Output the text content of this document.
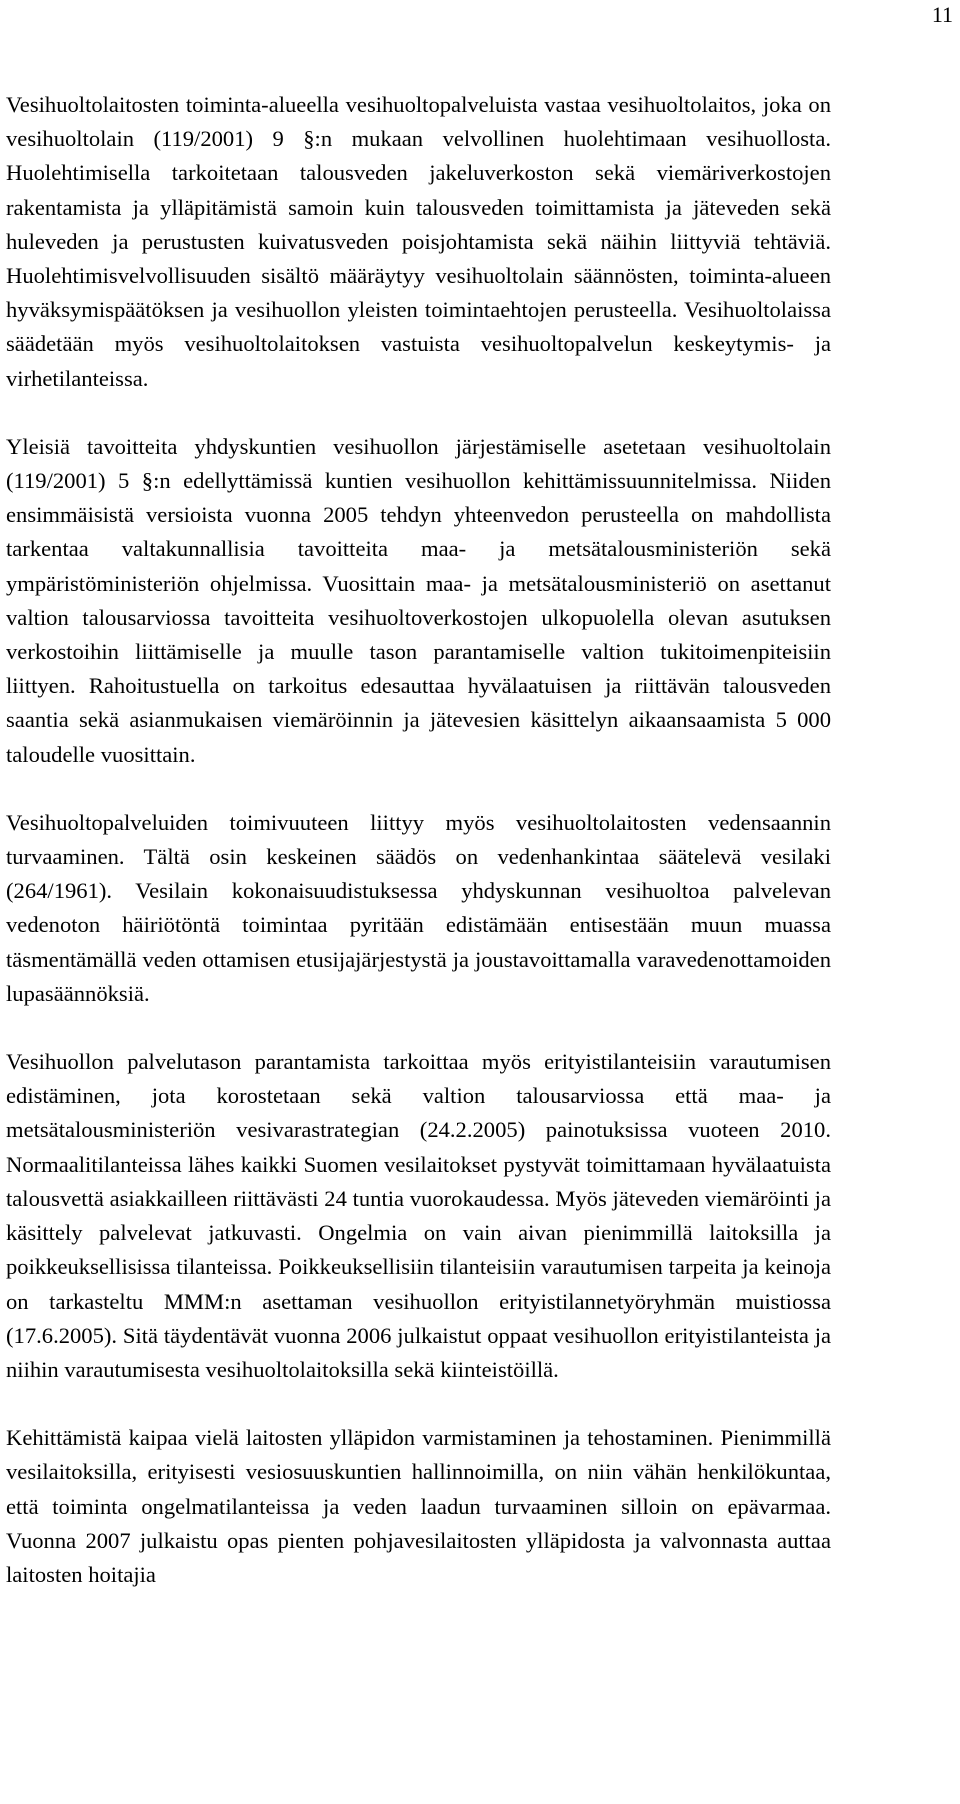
11

Vesihuoltolaitosten toiminta-alueella vesihuoltopalveluista vastaa vesihuoltolaitos, joka on vesihuoltolain (119/2001) 9 §:n mukaan velvollinen huolehtimaan vesihuollosta. Huolehtimisella tarkoitetaan talousveden jakeluverkoston sekä viemäriverkostojen rakentamista ja ylläpitämistä samoin kuin talousveden toimittamista ja jäteveden sekä huleveden ja perustusten kuivatusveden poisjohtamista sekä näihin liittyviä tehtäviä. Huolehtimisvelvollisuuden sisältö määräytyy vesihuoltolain säännösten, toiminta-alueen hyväksymispäätöksen ja vesihuollon yleisten toimintaehtojen perusteella. Vesihuoltolaissa säädetään myös vesihuoltolaitoksen vastuista vesihuoltopalvelun keskeytymis- ja virhetilanteissa.

Yleisiä tavoitteita yhdyskuntien vesihuollon järjestämiselle asetetaan vesihuoltolain (119/2001) 5 §:n edellyttämissä kuntien vesihuollon kehittämissuunnitelmissa. Niiden ensimmäisistä versioista vuonna 2005 tehdyn yhteenvedon perusteella on mahdollista tarkentaa valtakunnallisia tavoitteita maa- ja metsätalousministeriön sekä ympäristöministeriön ohjelmissa. Vuosittain maa- ja metsätalousministeriö on asettanut valtion talousarviossa tavoitteita vesihuoltoverkostojen ulkopuolella olevan asutuksen verkostoihin liittämiselle ja muulle tason parantamiselle valtion tukitoimenpiteisiin liittyen. Rahoitustuella on tarkoitus edesauttaa hyvälaatuisen ja riittävän talousveden saantia sekä asianmukaisen viemäröinnin ja jätevesien käsittelyn aikaansaamista 5 000 taloudelle vuosittain.

Vesihuoltopalveluiden toimivuuteen liittyy myös vesihuoltolaitosten vedensaannin turvaaminen. Tältä osin keskeinen säädös on vedenhankintaa säätelevä vesilaki (264/1961). Vesilain kokonaisuudistuksessa yhdyskunnan vesihuoltoa palvelevan vedenoton häiriötöntä toimintaa pyritään edistämään entisestään muun muassa täsmentämällä veden ottamisen etusijajärjestystä ja joustavoittamalla varavedenottamoiden lupasäännöksiä.

Vesihuollon palvelutason parantamista tarkoittaa myös erityistilanteisiin varautumisen edistäminen, jota korostetaan sekä valtion talousarviossa että maa- ja metsätalousministeriön vesivarastrategian (24.2.2005) painotuksissa vuoteen 2010. Normaalitilanteissa lähes kaikki Suomen vesilaitokset pystyvät toimittamaan hyvälaatuista talousvettä asiakkailleen riittävästi 24 tuntia vuorokaudessa. Myös jäteveden viemäröinti ja käsittely palvelevat jatkuvasti. Ongelmia on vain aivan pienimmillä laitoksilla ja poikkeuksellisissa tilanteissa. Poikkeuksellisiin tilanteisiin varautumisen tarpeita ja keinoja on tarkasteltu MMM:n asettaman vesihuollon erityistilannetyöryhmän muistiossa (17.6.2005). Sitä täydentävät vuonna 2006 julkaistut oppaat vesihuollon erityistilanteista ja niihin varautumisesta vesihuoltolaitoksilla sekä kiinteistöillä.

Kehittämistä kaipaa vielä laitosten ylläpidon varmistaminen ja tehostaminen. Pienimmillä vesilaitoksilla, erityisesti vesiosuuskuntien hallinnoimilla, on niin vähän henkilökuntaa, että toiminta ongelmatilanteissa ja veden laadun turvaaminen silloin on epävarmaa. Vuonna 2007 julkaistu opas pienten pohjavesilaitosten ylläpidosta ja valvonnasta auttaa laitosten hoitajia
